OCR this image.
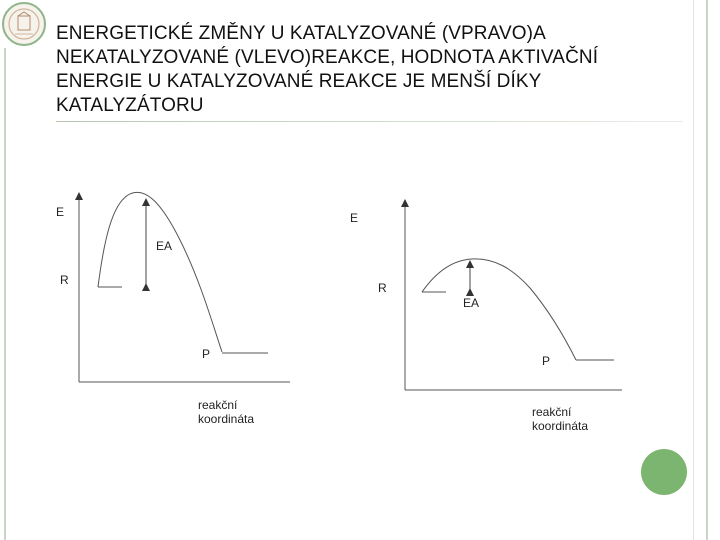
ENERGETICKÉ ZMĚNY U KATALYZOVANÉ (VPRAVO)A NEKATALYZOVANÉ (VLEVO)REAKCE, HODNOTA AKTIVAČNÍ ENERGIE U KATALYZOVANÉ REAKCE JE MENŠÍ DÍKY KATALYZÁTORU
E
EA
R
P
reakční
koordináta
E
EA
R
P
reakční
koordináta
